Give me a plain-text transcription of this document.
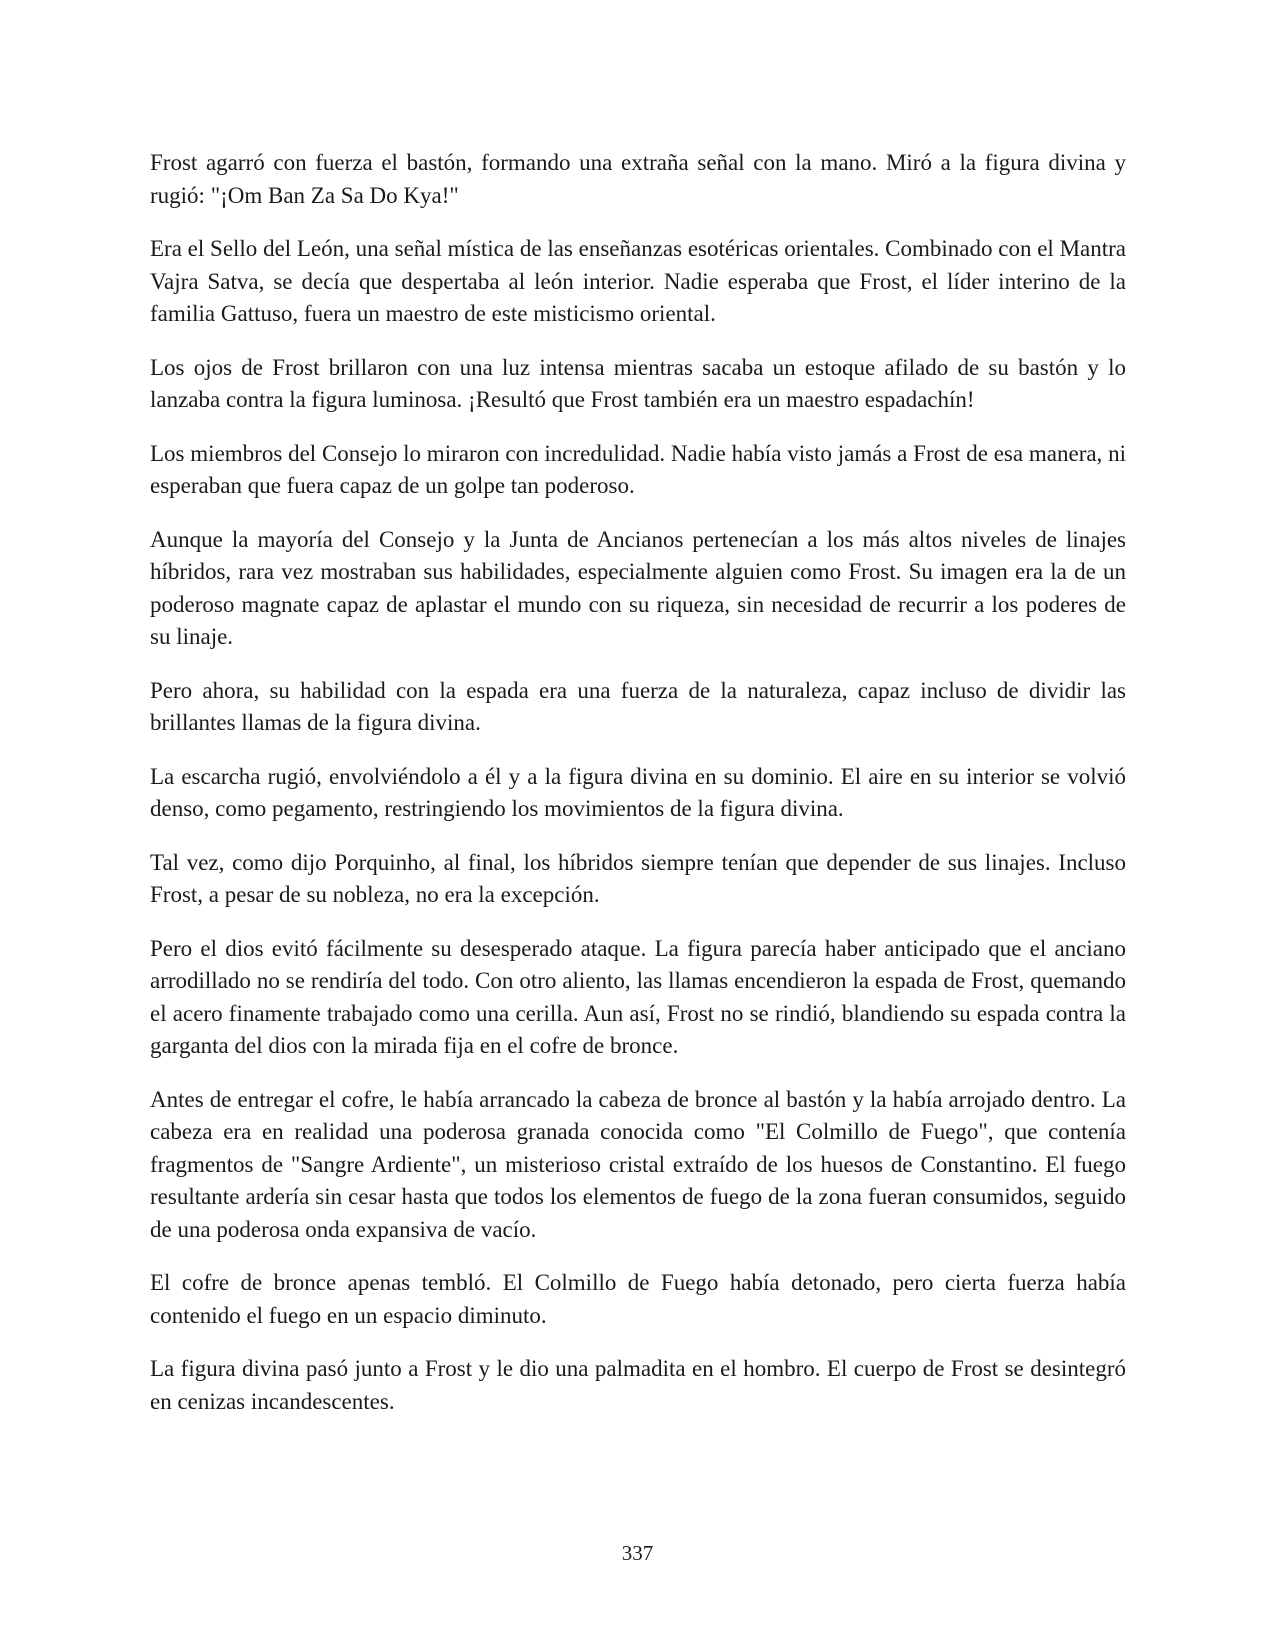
Frost agarró con fuerza el bastón, formando una extraña señal con la mano. Miró a la figura divina y rugió: "¡Om Ban Za Sa Do Kya!"

Era el Sello del León, una señal mística de las enseñanzas esotéricas orientales. Combinado con el Mantra Vajra Satva, se decía que despertaba al león interior. Nadie esperaba que Frost, el líder interino de la familia Gattuso, fuera un maestro de este misticismo oriental.

Los ojos de Frost brillaron con una luz intensa mientras sacaba un estoque afilado de su bastón y lo lanzaba contra la figura luminosa. ¡Resultó que Frost también era un maestro espadachín!

Los miembros del Consejo lo miraron con incredulidad. Nadie había visto jamás a Frost de esa manera, ni esperaban que fuera capaz de un golpe tan poderoso.

Aunque la mayoría del Consejo y la Junta de Ancianos pertenecían a los más altos niveles de linajes híbridos, rara vez mostraban sus habilidades, especialmente alguien como Frost. Su imagen era la de un poderoso magnate capaz de aplastar el mundo con su riqueza, sin necesidad de recurrir a los poderes de su linaje.

Pero ahora, su habilidad con la espada era una fuerza de la naturaleza, capaz incluso de dividir las brillantes llamas de la figura divina.

La escarcha rugió, envolviéndolo a él y a la figura divina en su dominio. El aire en su interior se volvió denso, como pegamento, restringiendo los movimientos de la figura divina.

Tal vez, como dijo Porquinho, al final, los híbridos siempre tenían que depender de sus linajes. Incluso Frost, a pesar de su nobleza, no era la excepción.

Pero el dios evitó fácilmente su desesperado ataque. La figura parecía haber anticipado que el anciano arrodillado no se rendiría del todo. Con otro aliento, las llamas encendieron la espada de Frost, quemando el acero finamente trabajado como una cerilla. Aun así, Frost no se rindió, blandiendo su espada contra la garganta del dios con la mirada fija en el cofre de bronce.

Antes de entregar el cofre, le había arrancado la cabeza de bronce al bastón y la había arrojado dentro. La cabeza era en realidad una poderosa granada conocida como "El Colmillo de Fuego", que contenía fragmentos de "Sangre Ardiente", un misterioso cristal extraído de los huesos de Constantino. El fuego resultante ardería sin cesar hasta que todos los elementos de fuego de la zona fueran consumidos, seguido de una poderosa onda expansiva de vacío.

El cofre de bronce apenas tembló. El Colmillo de Fuego había detonado, pero cierta fuerza había contenido el fuego en un espacio diminuto.

La figura divina pasó junto a Frost y le dio una palmadita en el hombro. El cuerpo de Frost se desintegró en cenizas incandescentes.

337
